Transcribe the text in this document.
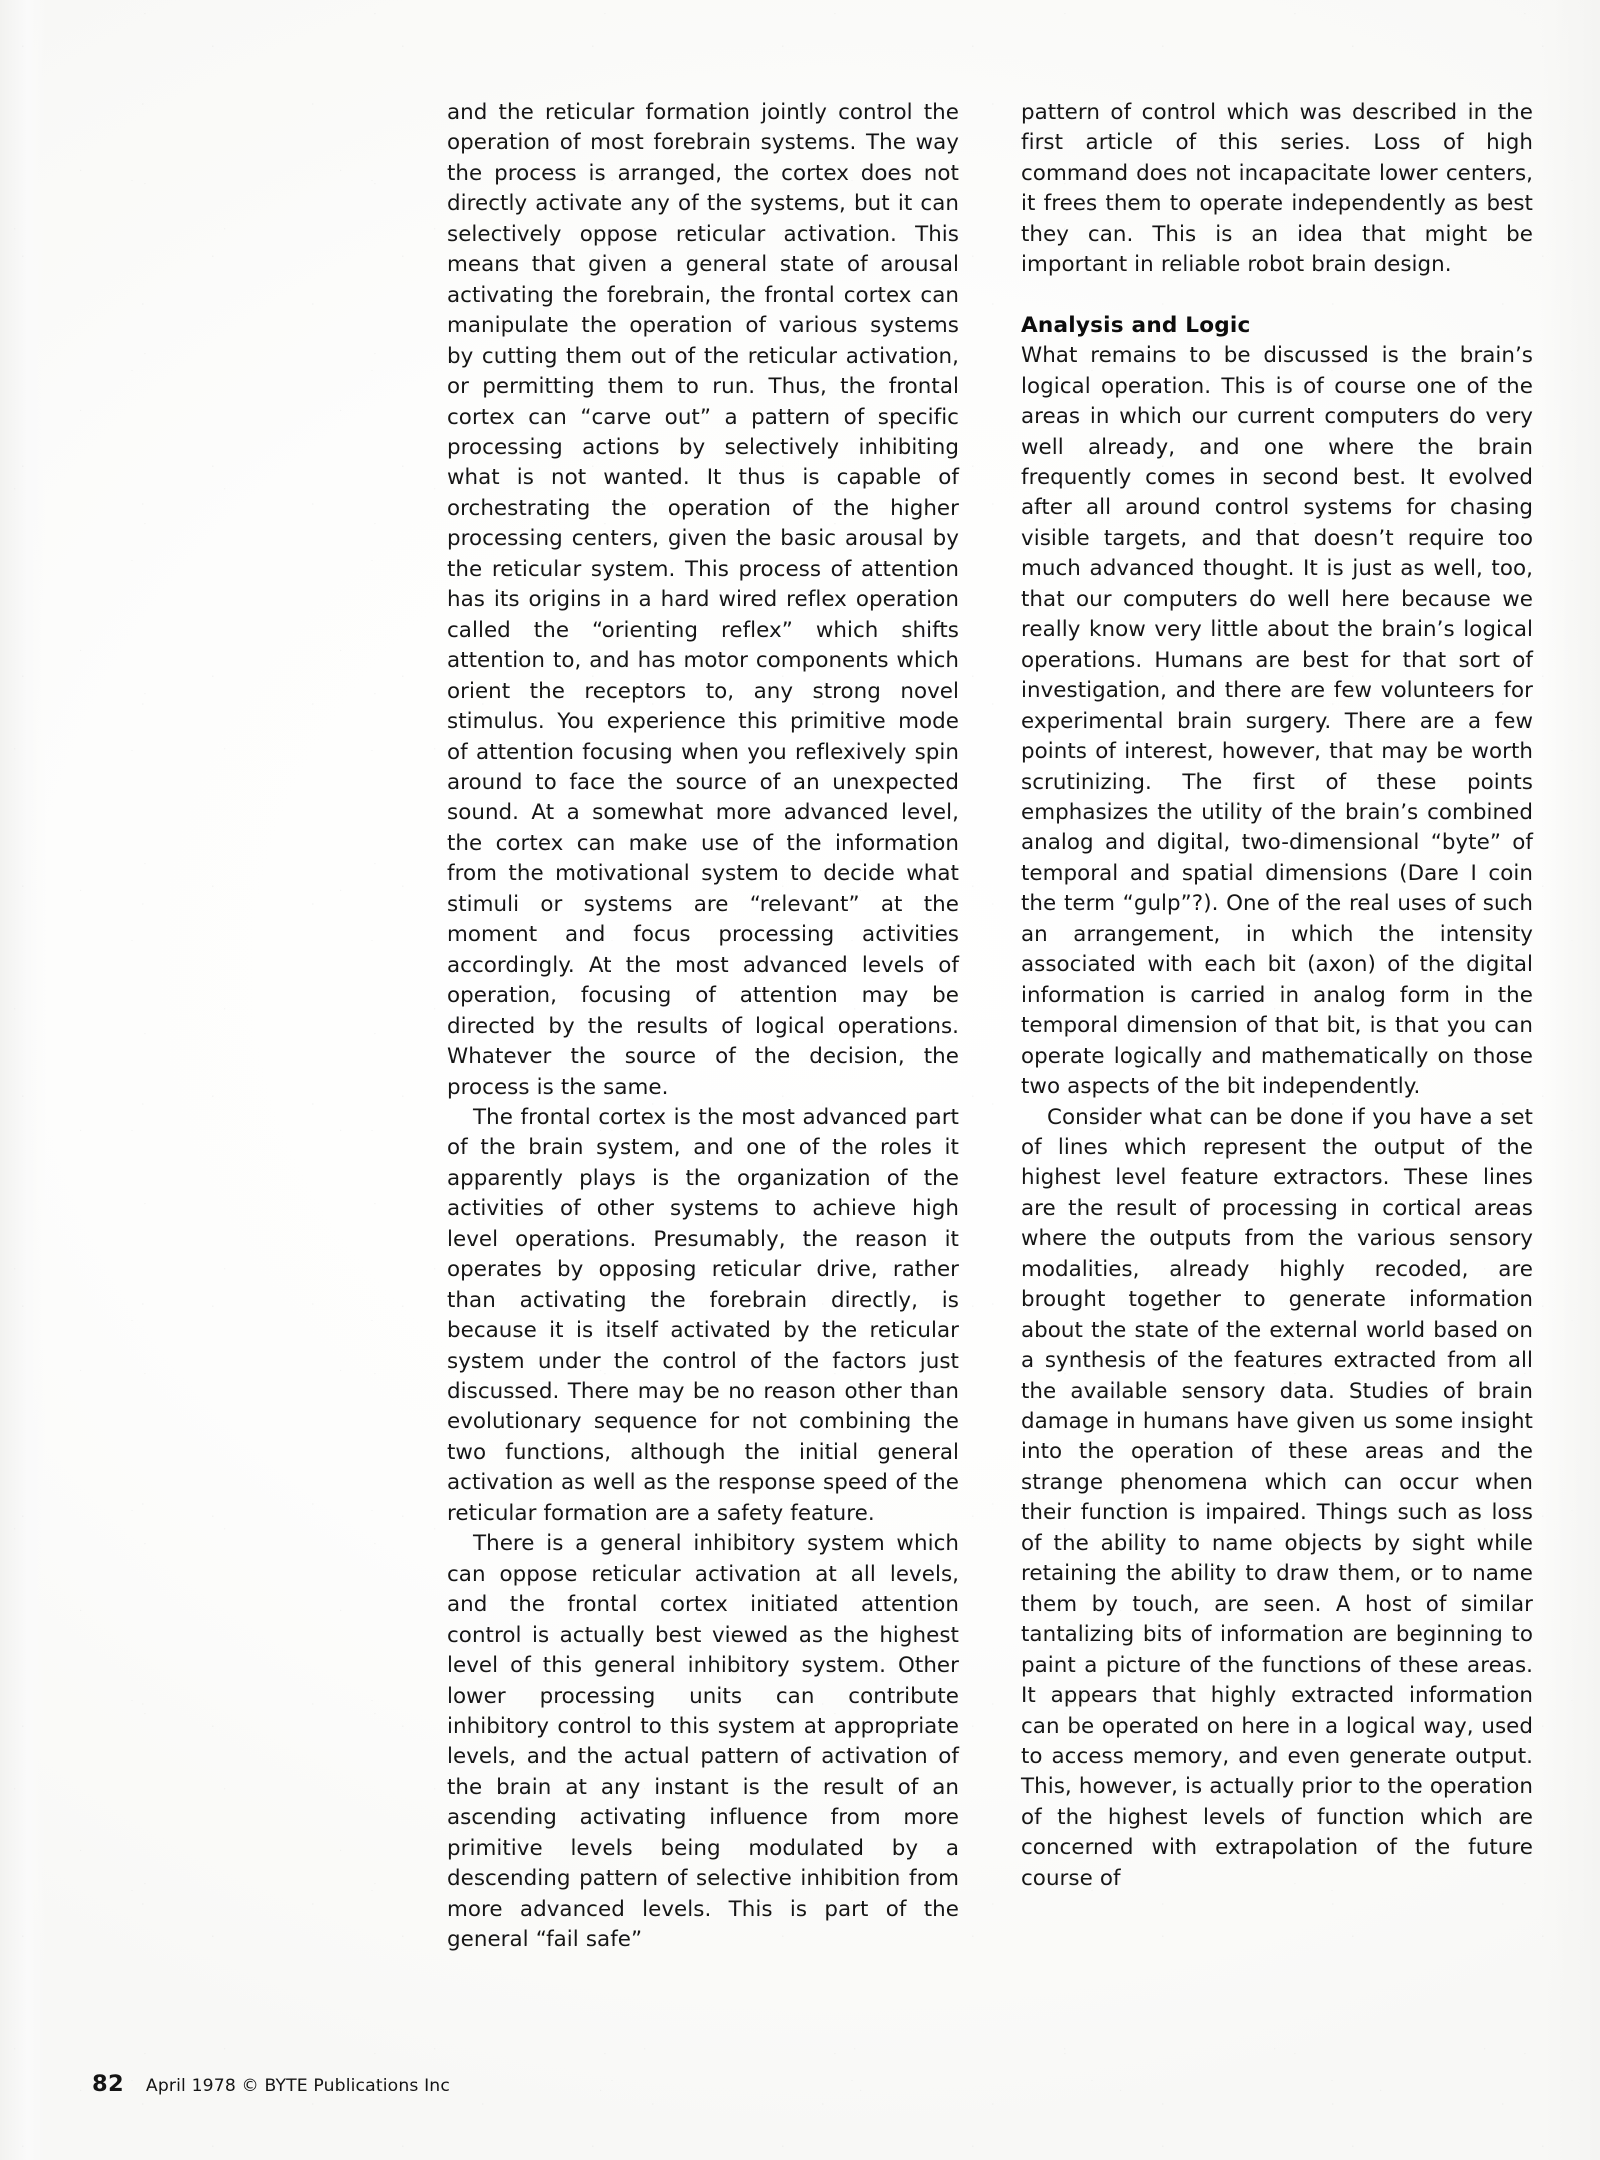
and the reticular formation jointly control the operation of most forebrain systems. The way the process is arranged, the cortex does not directly activate any of the systems, but it can selectively oppose reticular activation. This means that given a general state of arousal activating the forebrain, the frontal cortex can manipulate the operation of various systems by cutting them out of the reticular activation, or permitting them to run. Thus, the frontal cortex can “carve out” a pattern of specific processing actions by selectively inhibiting what is not wanted. It thus is capable of orchestrating the operation of the higher processing centers, given the basic arousal by the reticular system. This process of attention has its origins in a hard wired reflex operation called the “orienting reflex” which shifts attention to, and has motor components which orient the receptors to, any strong novel stimulus. You experience this primitive mode of attention focusing when you reflexively spin around to face the source of an unexpected sound. At a somewhat more advanced level, the cortex can make use of the information from the motivational system to decide what stimuli or systems are “relevant” at the moment and focus processing activities accordingly. At the most advanced levels of operation, focusing of attention may be directed by the results of logical operations. Whatever the source of the decision, the process is the same.

The frontal cortex is the most advanced part of the brain system, and one of the roles it apparently plays is the organization of the activities of other systems to achieve high level operations. Presumably, the reason it operates by opposing reticular drive, rather than activating the forebrain directly, is because it is itself activated by the reticular system under the control of the factors just discussed. There may be no reason other than evolutionary sequence for not combining the two functions, although the initial general activation as well as the response speed of the reticular formation are a safety feature.

There is a general inhibitory system which can oppose reticular activation at all levels, and the frontal cortex initiated attention control is actually best viewed as the highest level of this general inhibitory system. Other lower processing units can contribute inhibitory control to this system at appropriate levels, and the actual pattern of activation of the brain at any instant is the result of an ascending activating influence from more primitive levels being modulated by a descending pattern of selective inhibition from more advanced levels. This is part of the general “fail safe”

pattern of control which was described in the first article of this series. Loss of high command does not incapacitate lower centers, it frees them to operate independently as best they can. This is an idea that might be important in reliable robot brain design.

Analysis and Logic

What remains to be discussed is the brain’s logical operation. This is of course one of the areas in which our current computers do very well already, and one where the brain frequently comes in second best. It evolved after all around control systems for chasing visible targets, and that doesn’t require too much advanced thought. It is just as well, too, that our computers do well here because we really know very little about the brain’s logical operations. Humans are best for that sort of investigation, and there are few volunteers for experimental brain surgery. There are a few points of interest, however, that may be worth scrutinizing. The first of these points emphasizes the utility of the brain’s combined analog and digital, two-dimensional “byte” of temporal and spatial dimensions (Dare I coin the term “gulp”?). One of the real uses of such an arrangement, in which the intensity associated with each bit (axon) of the digital information is carried in analog form in the temporal dimension of that bit, is that you can operate logically and mathematically on those two aspects of the bit independently.

Consider what can be done if you have a set of lines which represent the output of the highest level feature extractors. These lines are the result of processing in cortical areas where the outputs from the various sensory modalities, already highly recoded, are brought together to generate information about the state of the external world based on a synthesis of the features extracted from all the available sensory data. Studies of brain damage in humans have given us some insight into the operation of these areas and the strange phenomena which can occur when their function is impaired. Things such as loss of the ability to name objects by sight while retaining the ability to draw them, or to name them by touch, are seen. A host of similar tantalizing bits of information are beginning to paint a picture of the functions of these areas. It appears that highly extracted information can be operated on here in a logical way, used to access memory, and even generate output. This, however, is actually prior to the operation of the highest levels of function which are concerned with extrapolation of the future course of

82 April 1978 © BYTE Publications Inc
